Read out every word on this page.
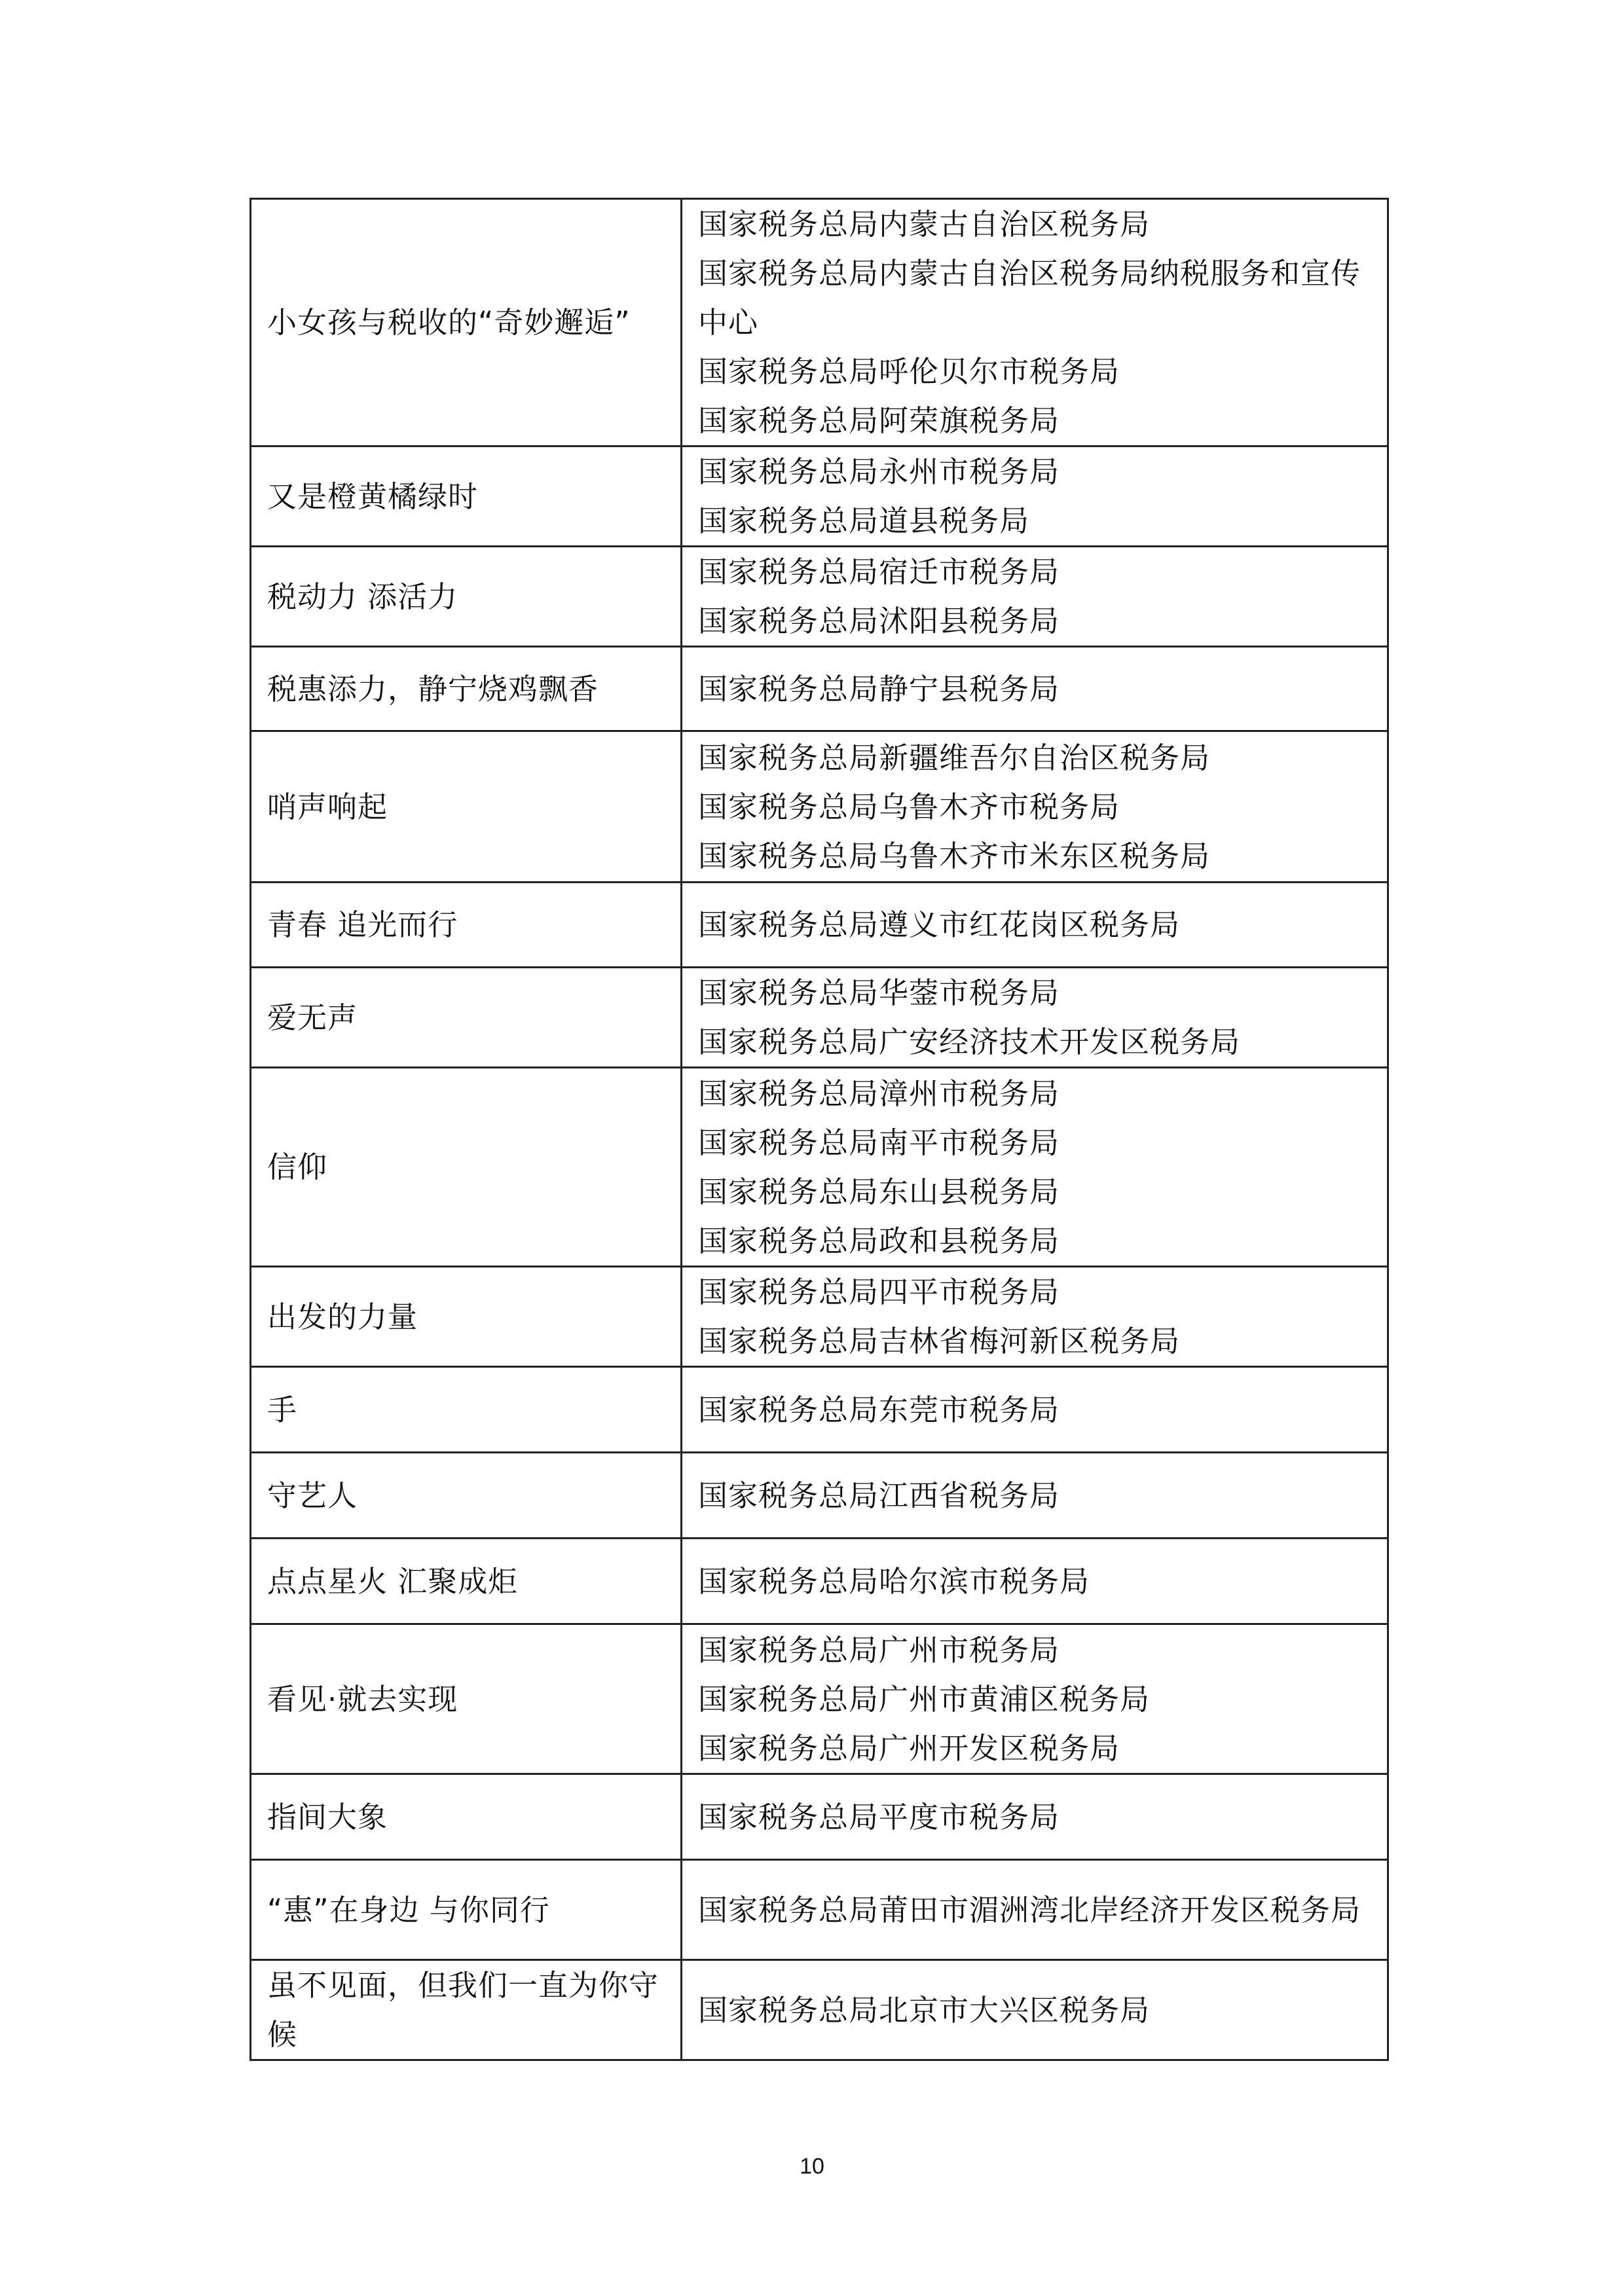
小女孩与税收的“奇妙邂逅”	国家税务总局内蒙古自治区税务局
国家税务总局内蒙古自治区税务局纳税服务和宣传中心
国家税务总局呼伦贝尔市税务局
国家税务总局阿荣旗税务局

又是橙黄橘绿时	国家税务总局永州市税务局
国家税务总局道县税务局

税动力 添活力	国家税务总局宿迁市税务局
国家税务总局沭阳县税务局

税惠添力，静宁烧鸡飘香	国家税务总局静宁县税务局

哨声响起	国家税务总局新疆维吾尔自治区税务局
国家税务总局乌鲁木齐市税务局
国家税务总局乌鲁木齐市米东区税务局

青春 追光而行	国家税务总局遵义市红花岗区税务局

爱无声	国家税务总局华蓥市税务局
国家税务总局广安经济技术开发区税务局

信仰	国家税务总局漳州市税务局
国家税务总局南平市税务局
国家税务总局东山县税务局
国家税务总局政和县税务局

出发的力量	国家税务总局四平市税务局
国家税务总局吉林省梅河新区税务局

手	国家税务总局东莞市税务局

守艺人	国家税务总局江西省税务局

点点星火 汇聚成炬	国家税务总局哈尔滨市税务局

看见·就去实现	国家税务总局广州市税务局
国家税务总局广州市黄浦区税务局
国家税务总局广州开发区税务局

指间大象	国家税务总局平度市税务局

“惠”在身边 与你同行	国家税务总局莆田市湄洲湾北岸经济开发区税务局

虽不见面，但我们一直为你守候	国家税务总局北京市大兴区税务局
10
